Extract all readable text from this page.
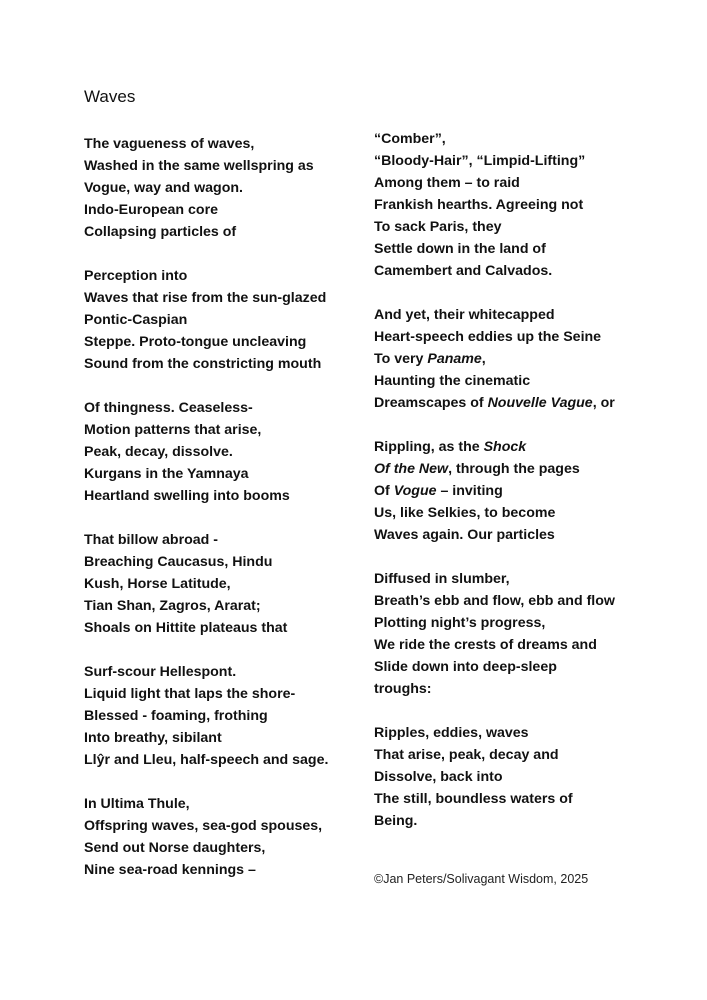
Waves
The vagueness of waves,
Washed in the same wellspring as
Vogue, way and wagon.
Indo-European core
Collapsing particles of
Perception into
Waves that rise from the sun-glazed
Pontic-Caspian
Steppe. Proto-tongue uncleaving
Sound from the constricting mouth
Of thingness. Ceaseless-
Motion patterns that arise,
Peak, decay, dissolve.
Kurgans in the Yamnaya
Heartland swelling into booms
That billow abroad -
Breaching Caucasus, Hindu
Kush, Horse Latitude,
Tian Shan, Zagros, Ararat;
Shoals on Hittite plateaus that
Surf-scour Hellespont.
Liquid light that laps the shore-
Blessed - foaming, frothing
Into breathy, sibilant
Llŷr and Lleu, half-speech and sage.
In Ultima Thule,
Offspring waves, sea-god spouses,
Send out Norse daughters,
Nine sea-road kennings –
“Comber”,
“Bloody-Hair”, “Limpid-Lifting”
Among them – to raid
Frankish hearths. Agreeing not
To sack Paris, they
Settle down in the land of
Camembert and Calvados.
And yet, their whitecapped
Heart-speech eddies up the Seine
To very Paname,
Haunting the cinematic
Dreamscapes of Nouvelle Vague, or
Rippling, as the Shock
Of the New, through the pages
Of Vogue – inviting
Us, like Selkies, to become
Waves again. Our particles
Diffused in slumber,
Breath’s ebb and flow, ebb and flow
Plotting night’s progress,
We ride the crests of dreams and
Slide down into deep-sleep
troughs:
Ripples, eddies, waves
That arise, peak, decay and
Dissolve, back into
The still, boundless waters of
Being.
©Jan Peters/Solivagant Wisdom, 2025
